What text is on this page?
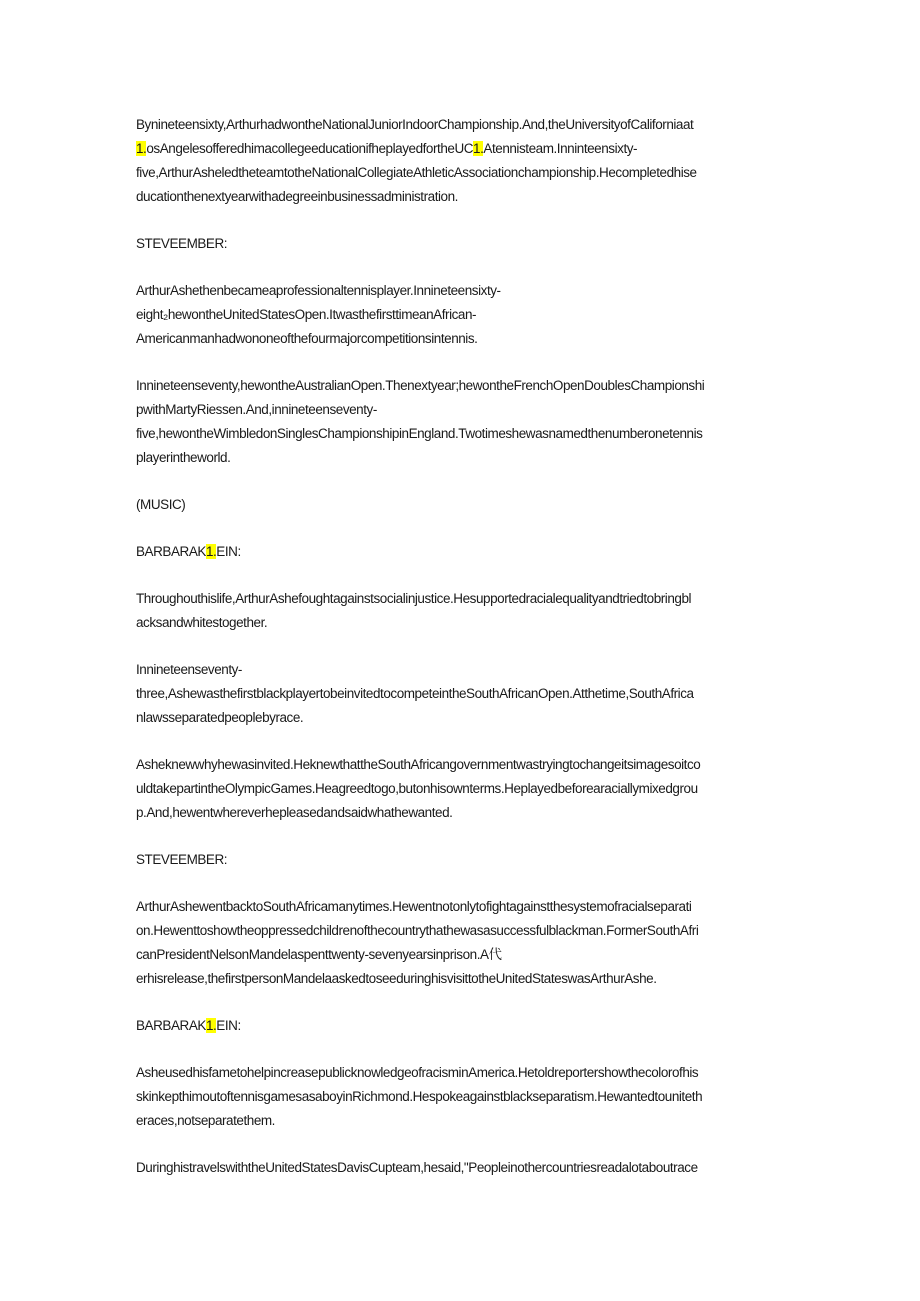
Bynineteensixty,ArthurhadwontheNationalJuniorIndoorChampionship.And,theUniversityofCaliforniaat
1.osAngelesofferedhimacollegeeducationifheplayedfortheUC1.Atennisteam.Inninteensixty-
five,ArthurAsheledtheteamtotheNationalCollegiateAthleticAssociationchampionship.Hecompletedhise
ducationthenextyearwithadegreeinbusinessadministration.

STEVEEMBER:

ArthurAshethenbecameaprofessionaltennisplayer.Innineteensixty-
eight₂hewontheUnitedStatesOpen.ItwasthefirsttimeanAfrican-
Americanmanhadwononeofthefourmajorcompetitionsintennis.

Innineteenseventy,hewontheAustralianOpen.Thenextyear;hewontheFrenchOpenDoublesChampionshi
pwithMartyRiessen.And,innineteenseventy-
five,hewontheWimbledonSinglesChampionshipinEngland.Twotimeshewasnamedthenumberonetennis
playerintheworld.

(MUSIC)

BARBARAK1.EIN:

Throughouthislife,ArthurAshefoughtagainstsocialinjustice.Hesupportedracialequalityandtriedtobringbl
acksandwhitestogether.

Innineteenseventy-
three,AshewasthefirstblackplayertobeinvitedtocompeteintheSouthAfricanOpen.Atthetime,SouthAfrica
nlawsseparatedpeoplebyrace.

Ashekneww​hyhewasinvited.HeknewthattheSouthAfricangovernmentwastryingtochangeitsimagesoitco
uldtakepartintheOlympicGames.Heagreedtogo,butonhisownterms.Heplayedbeforearaciallymixedgrou
p.And,hewentwhereverhepleasedandsaidwhathewanted.

STEVEEMBER:

ArthurAshewentbacktoSouthAfricamanytimes.Hewentnotonlytofightagainstthesystemofracialseparati
on.Hewenttoshowtheoppressedchildrenofthecountrythathewasasuccessfulblackman.FormerSouthAfri
canPresidentNelsonMandelaspenttwenty-sevenyearsinprison.A代
erhisrelease,thefirstpersonMandelaaskedtoseeduringhisvisittotheUnitedStateswasArthurAshe.

BARBARAK1.EIN:

Ashe​usedhisfametohelpincreasepublicknowledgeofracisminAmerica.Hetoldreportershowthecolorofhis
skinkepthimoutoftennisgamesasaboyinRichmond.Hespokeagainstblackseparatism.Hewantedtounitet​h
eraces,notseparatethem.

DuringhistravelswiththeUnitedStatesDavisCupteam,hesaid,"Peopleinothercountriesreadalotaboutrace
